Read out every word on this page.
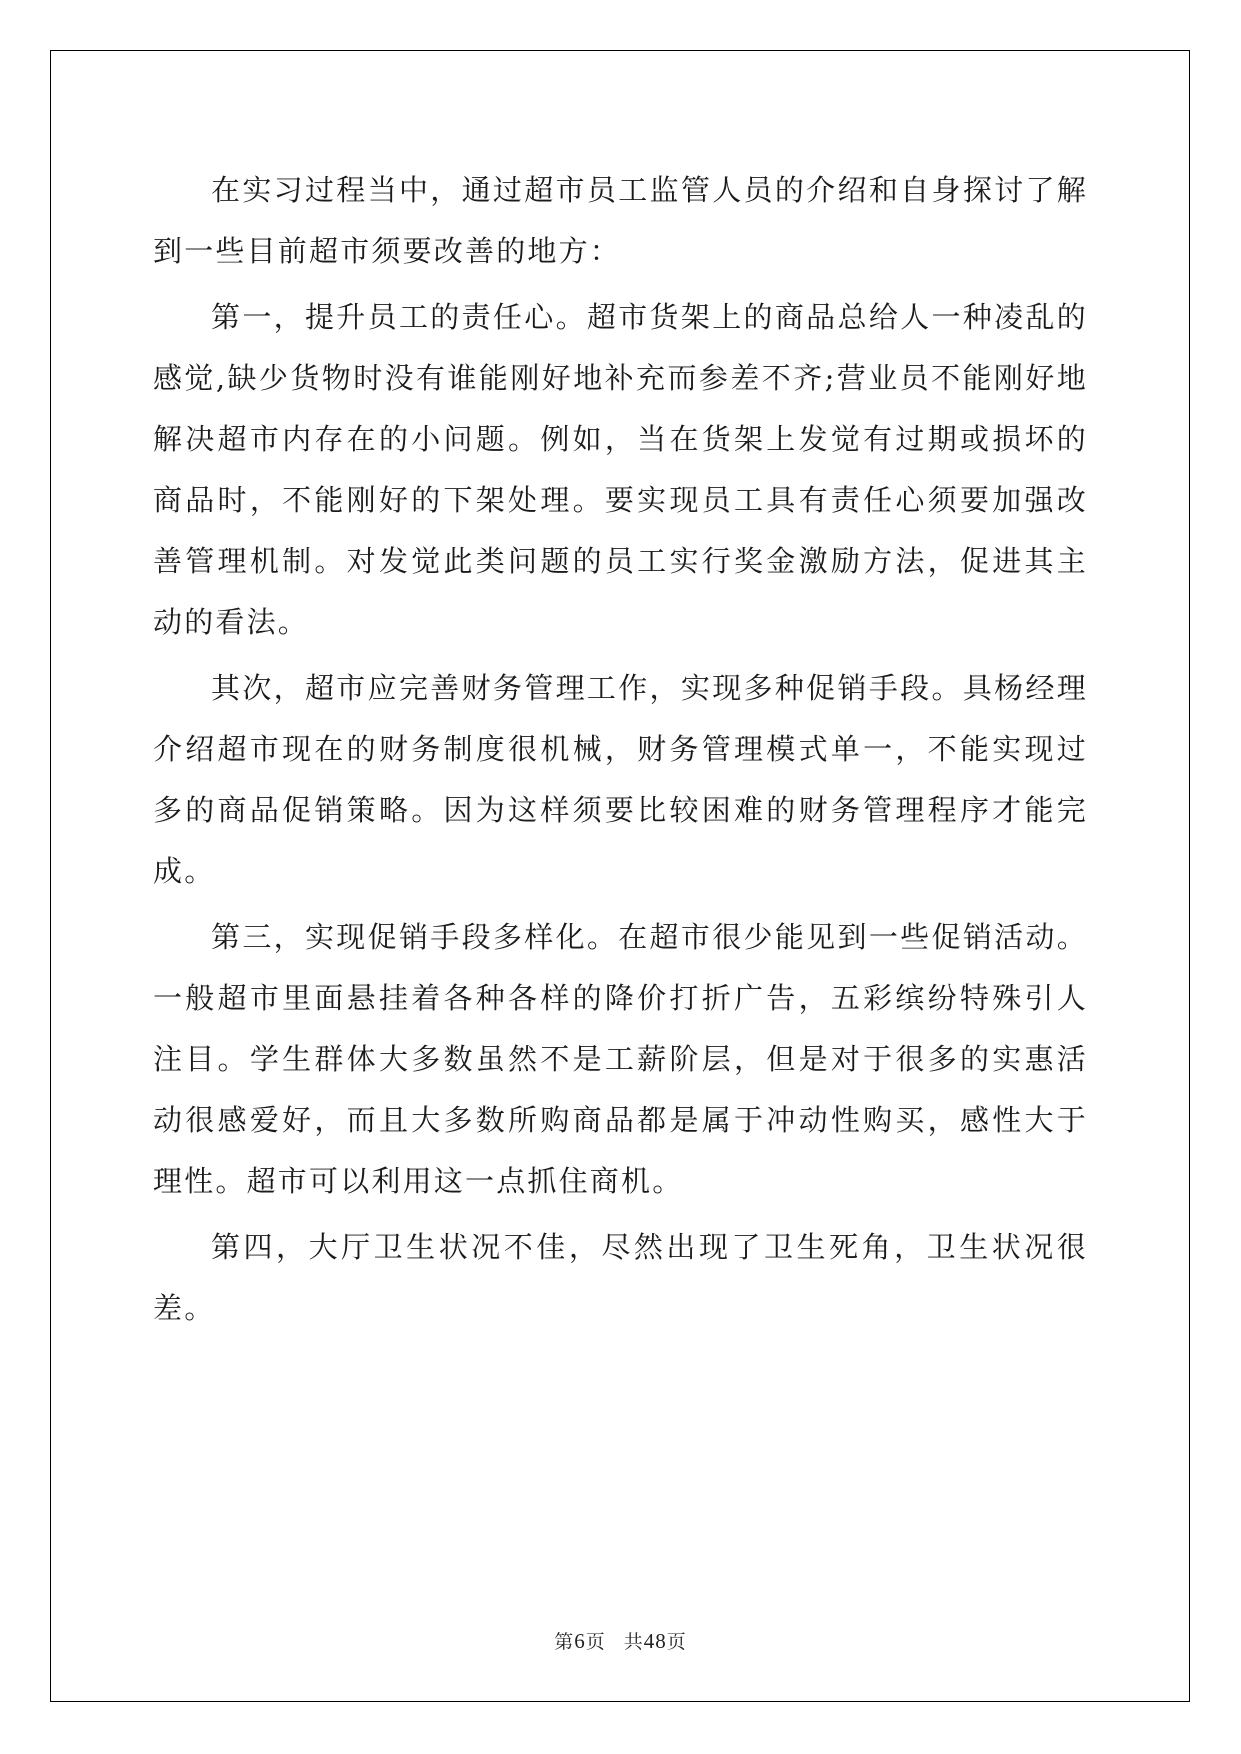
在实习过程当中，通过超市员工监管人员的介绍和自身探讨了解到一些目前超市须要改善的地方：

第一，提升员工的责任心。超市货架上的商品总给人一种凌乱的感觉,缺少货物时没有谁能刚好地补充而参差不齐;营业员不能刚好地解决超市内存在的小问题。例如，当在货架上发觉有过期或损坏的商品时，不能刚好的下架处理。要实现员工具有责任心须要加强改善管理机制。对发觉此类问题的员工实行奖金激励方法，促进其主动的看法。

其次，超市应完善财务管理工作，实现多种促销手段。具杨经理介绍超市现在的财务制度很机械，财务管理模式单一，不能实现过多的商品促销策略。因为这样须要比较困难的财务管理程序才能完成。

第三，实现促销手段多样化。在超市很少能见到一些促销活动。一般超市里面悬挂着各种各样的降价打折广告，五彩缤纷特殊引人注目。学生群体大多数虽然不是工薪阶层，但是对于很多的实惠活动很感爱好，而且大多数所购商品都是属于冲动性购买，感性大于理性。超市可以利用这一点抓住商机。

第四，大厅卫生状况不佳，尽然出现了卫生死角，卫生状况很差。

第6页 共48页
